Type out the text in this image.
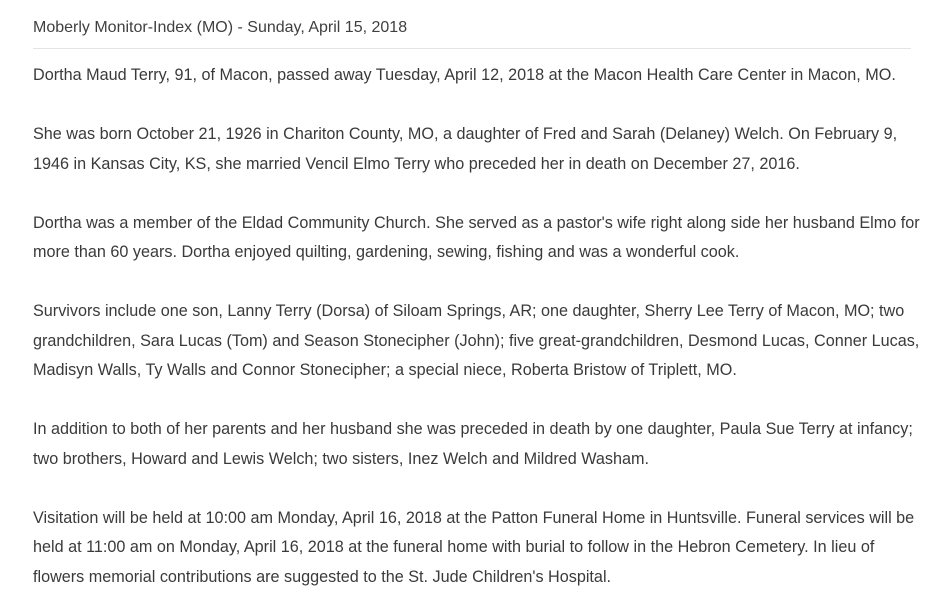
Moberly Monitor-Index (MO) - Sunday, April 15, 2018

Dortha Maud Terry, 91, of Macon, passed away Tuesday, April 12, 2018 at the Macon Health Care Center in Macon, MO.

She was born October 21, 1926 in Chariton County, MO, a daughter of Fred and Sarah (Delaney) Welch. On February 9, 1946 in Kansas City, KS, she married Vencil Elmo Terry who preceded her in death on December 27, 2016.

Dortha was a member of the Eldad Community Church. She served as a pastor's wife right along side her husband Elmo for more than 60 years. Dortha enjoyed quilting, gardening, sewing, fishing and was a wonderful cook.

Survivors include one son, Lanny Terry (Dorsa) of Siloam Springs, AR; one daughter, Sherry Lee Terry of Macon, MO; two grandchildren, Sara Lucas (Tom) and Season Stonecipher (John); five great-grandchildren, Desmond Lucas, Conner Lucas, Madisyn Walls, Ty Walls and Connor Stonecipher; a special niece, Roberta Bristow of Triplett, MO.

In addition to both of her parents and her husband she was preceded in death by one daughter, Paula Sue Terry at infancy; two brothers, Howard and Lewis Welch; two sisters, Inez Welch and Mildred Washam.

Visitation will be held at 10:00 am Monday, April 16, 2018 at the Patton Funeral Home in Huntsville. Funeral services will be held at 11:00 am on Monday, April 16, 2018 at the funeral home with burial to follow in the Hebron Cemetery. In lieu of flowers memorial contributions are suggested to the St. Jude Children's Hospital.
